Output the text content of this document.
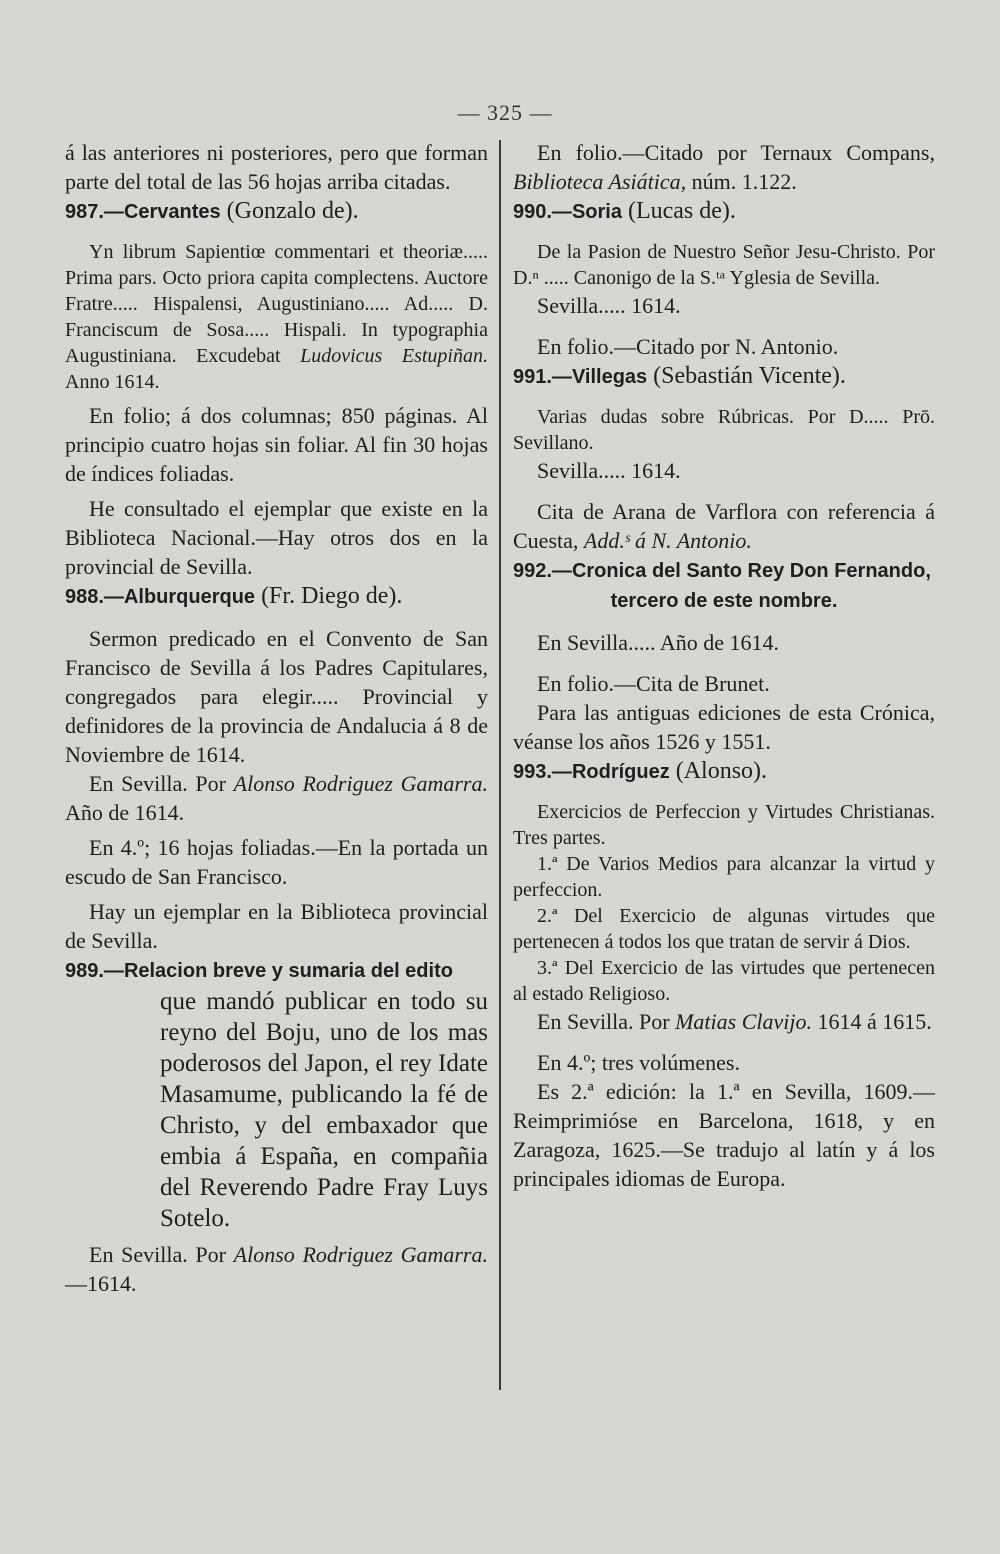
— 325 —

á las anteriores ni posteriores, pero que forman parte del total de las 56 hojas arriba citadas.

987.—Cervantes (Gonzalo de).

Yn librum Sapientiœ commentari et theoriæ..... Prima pars. Octo priora capita complectens. Auctore Fratre..... Hispalensi, Augustiniano..... Ad..... D. Franciscum de Sosa..... Hispali. In typographia Augustiniana. Excudebat Ludovicus Estupiñan. Anno 1614.

En folio; á dos columnas; 850 páginas. Al principio cuatro hojas sin foliar. Al fin 30 hojas de índices foliadas.

He consultado el ejemplar que existe en la Biblioteca Nacional.—Hay otros dos en la provincial de Sevilla.

988.—Alburquerque (Fr. Diego de).

Sermon predicado en el Convento de San Francisco de Sevilla á los Padres Capitulares, congregados para elegir..... Provincial y definidores de la provincia de Andalucia á 8 de Noviembre de 1614.

En Sevilla. Por Alonso Rodriguez Gamarra. Año de 1614.

En 4.º; 16 hojas foliadas.—En la portada un escudo de San Francisco.

Hay un ejemplar en la Biblioteca provincial de Sevilla.

989.—Relacion breve y sumaria del edito

que mandó publicar en todo su reyno del Boju, uno de los mas poderosos del Japon, el rey Idate Masamume, publicando la fé de Christo, y del embaxador que embia á España, en compañia del Reverendo Padre Fray Luys Sotelo.

En Sevilla. Por Alonso Rodriguez Gamarra.—1614.

En folio.—Citado por Ternaux Compans, Biblioteca Asiática, núm. 1.122.

990.—Soria (Lucas de).

De la Pasion de Nuestro Señor Jesu-Christo. Por D.ⁿ ..... Canonigo de la S.ᵗᵃ Yglesia de Sevilla.

Sevilla..... 1614.

En folio.—Citado por N. Antonio.

991.—Villegas (Sebastián Vicente).

Varias dudas sobre Rúbricas. Por D..... Prō. Sevillano.

Sevilla..... 1614.

Cita de Arana de Varflora con referencia á Cuesta, Add.ˢ á N. Antonio.

992.—Cronica del Santo Rey Don Fernando,

tercero de este nombre.

En Sevilla..... Año de 1614.

En folio.—Cita de Brunet.

Para las antiguas ediciones de esta Crónica, véanse los años 1526 y 1551.

993.—Rodríguez (Alonso).

Exercicios de Perfeccion y Virtudes Christianas. Tres partes.

1.ª De Varios Medios para alcanzar la virtud y perfeccion.

2.ª Del Exercicio de algunas virtudes que pertenecen á todos los que tratan de servir á Dios.

3.ª Del Exercicio de las virtudes que pertenecen al estado Religioso.

En Sevilla. Por Matias Clavijo. 1614 á 1615.

En 4.º; tres volúmenes.

Es 2.ª edición: la 1.ª en Sevilla, 1609.—Reimprimióse en Barcelona, 1618, y en Zaragoza, 1625.—Se tradujo al latín y á los principales idiomas de Europa.
